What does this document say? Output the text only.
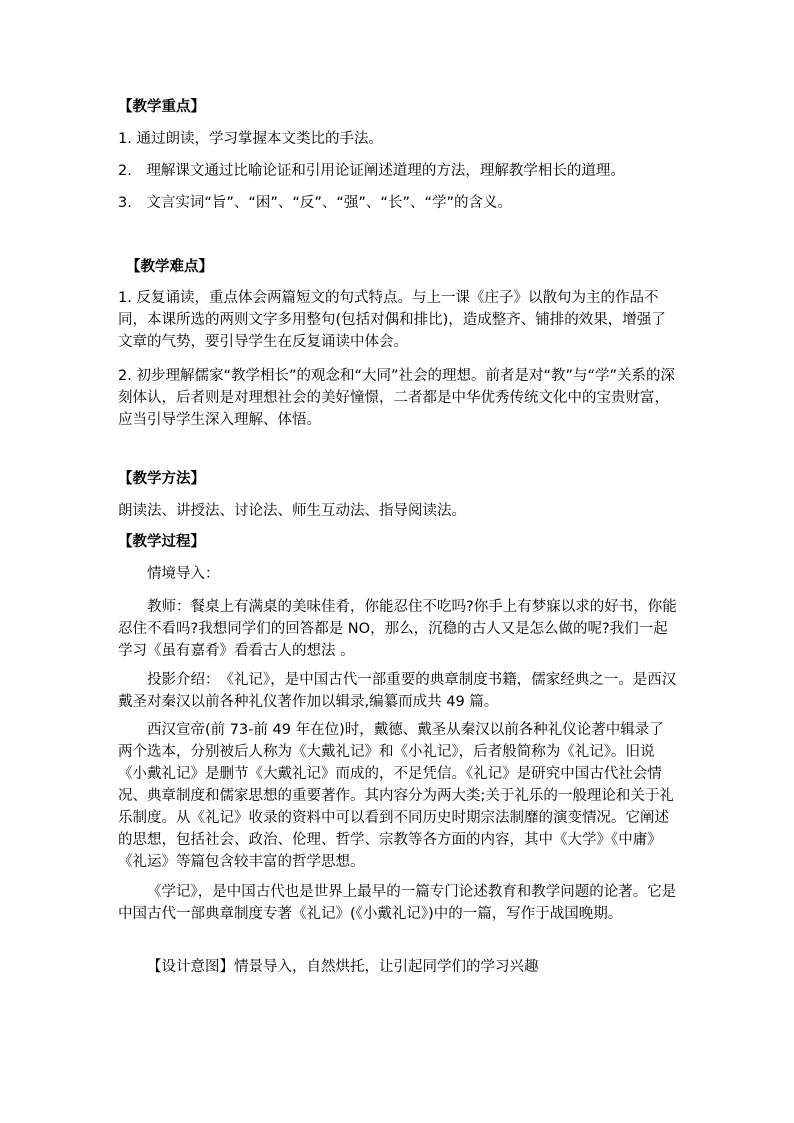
【教学重点】
1. 通过朗读，学习掌握本文类比的手法。
2.　理解课文通过比喻论证和引用论证阐述道理的方法，理解教学相长的道理。
3.　文言实词“旨”、“困”、“反”、“强”、“长”、“学”的含义。
【教学难点】
1. 反复诵读，重点体会两篇短文的句式特点。与上一课《庄子》以散句为主的作品不同，本课所选的两则文字多用整句(包括对偶和排比)，造成整齐、铺排的效果，增强了文章的气势，要引导学生在反复诵读中体会。
2. 初步理解儒家“教学相长”的观念和“大同”社会的理想。前者是对“教”与“学”关系的深刻体认，后者则是对理想社会的美好憧憬，二者都是中华优秀传统文化中的宝贵财富，应当引导学生深入理解、体悟。
【教学方法】
朗读法、讲授法、讨论法、师生互动法、指导阅读法。
【教学过程】
情境导入：
教师：餐桌上有满桌的美味佳肴，你能忍住不吃吗?你手上有梦寐以求的好书，你能忍住不看吗?我想同学们的回答都是 NO，那么，沉稳的古人又是怎么做的呢?我们一起学习《虽有嘉肴》看看古人的想法 。
投影介绍：　《礼记》，是中国古代一部重要的典章制度书籍，儒家经典之一。是西汉戴圣对秦汉以前各种礼仪著作加以辑录,编纂而成共 49 篇。
西汉宣帝(前 73-前 49 年在位)时，戴德、戴圣从秦汉以前各种礼仪论著中辑录了两个选本，分别被后人称为《大戴礼记》和《小礼记》，后者般简称为《礼记》。旧说《小戴礼记》是删节《大戴礼记》而成的，不足凭信。《礼记》是研究中国古代社会情况、典章制度和儒家思想的重要著作。其内容分为两大类;关于礼乐的一般理论和关于礼乐制度。从《礼记》收录的资料中可以看到不同历史时期宗法制靡的演变情况。它阐述的思想，包括社会、政治、伦理、哲学、宗教等各方面的内容，其中《大学》《中庸》《礼运》等篇包含较丰富的哲学思想。
《学记》，是中国古代也是世界上最早的一篇专门论述教育和教学问题的论著。它是中国古代一部典章制度专著《礼记》(《小戴礼记》)中的一篇，写作于战国晚期。
【设计意图】情景导入，自然烘托，让引起同学们的学习兴趣
